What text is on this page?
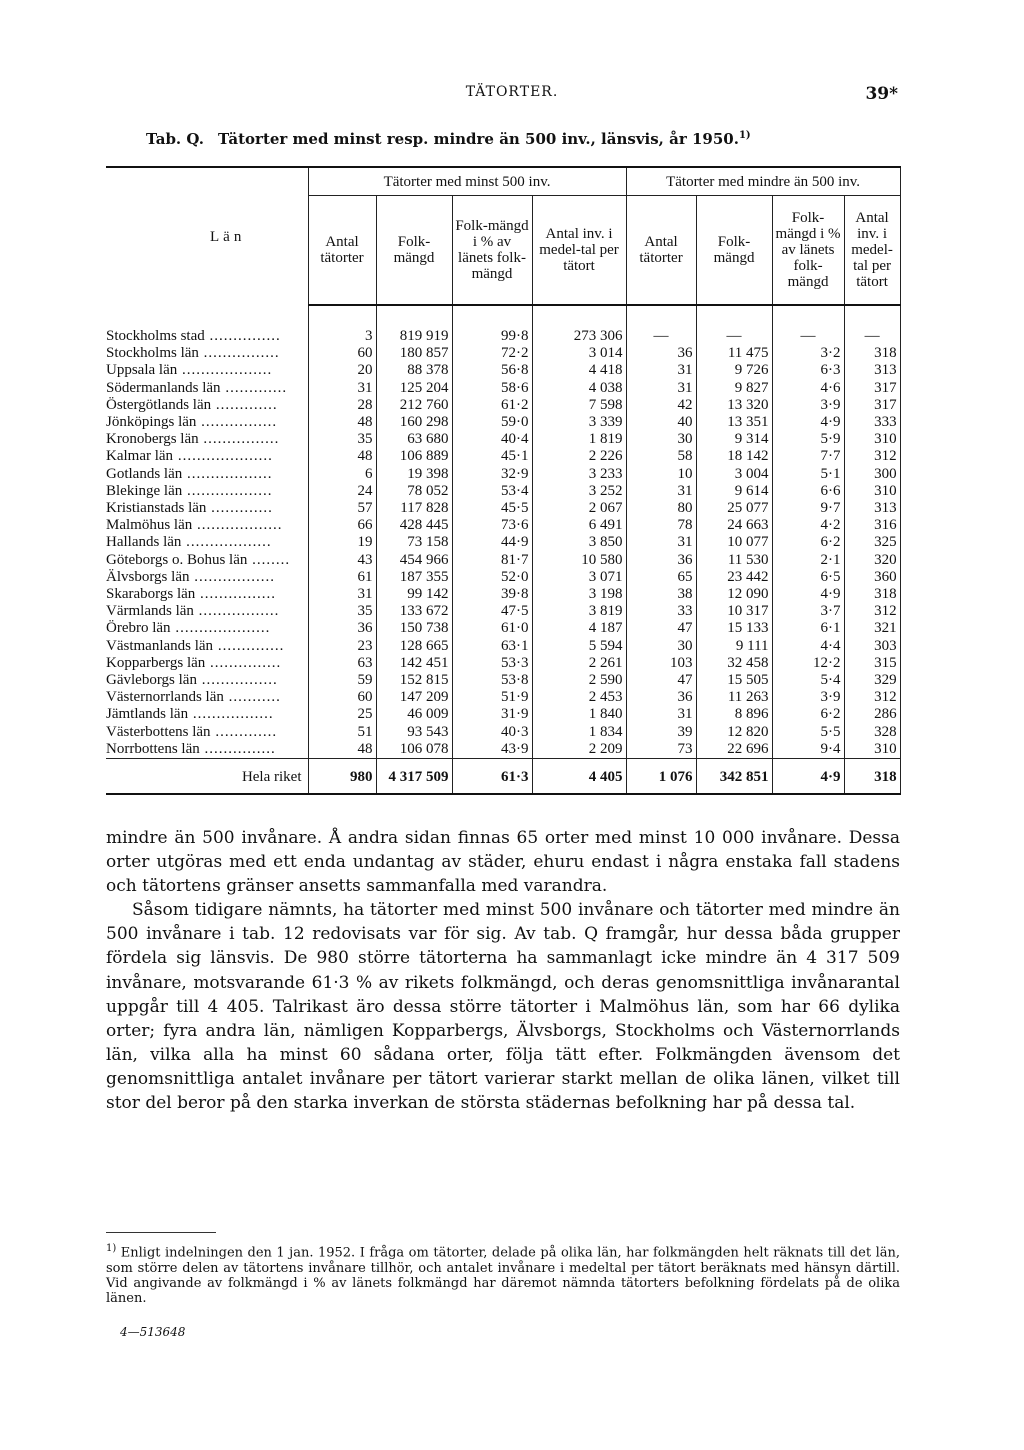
TÄTORTER.	39*
Tab. Q. Tätorter med minst resp. mindre än 500 inv., länsvis, år 1950.$^{1)}$
Län	Tätorter med minst 500 inv.				Tätorter med mindre än 500 inv.			
	Antal tätorter	Folk-mängd	Folk-mängd i % av länets folk-mängd	Antal inv. i medel-tal per tätort	Antal tätorter	Folk-mängd	Folk-mängd i % av länets folk-mängd	Antal inv. i medel-tal per tätort
Stockholms stad ...............	3	819 919	99·8	273 306	—	—	—	—
Stockholms län ................	60	180 857	72·2	3 014	36	11 475	3·2	318
Uppsala län ...................	20	88 378	56·8	4 418	31	9 726	6·3	313
Södermanlands län .............	31	125 204	58·6	4 038	31	9 827	4·6	317
Östergötlands län .............	28	212 760	61·2	7 598	42	13 320	3·9	317
Jönköpings län ................	48	160 298	59·0	3 339	40	13 351	4·9	333
Kronobergs län ................	35	63 680	40·4	1 819	30	9 314	5·9	310
Kalmar län ....................	48	106 889	45·1	2 226	58	18 142	7·7	312
Gotlands län ..................	6	19 398	32·9	3 233	10	3 004	5·1	300
Blekinge län ..................	24	78 052	53·4	3 252	31	9 614	6·6	310
Kristianstads län .............	57	117 828	45·5	2 067	80	25 077	9·7	313
Malmöhus län ..................	66	428 445	73·6	6 491	78	24 663	4·2	316
Hallands län ..................	19	73 158	44·9	3 850	31	10 077	6·2	325
Göteborgs o. Bohus län ........	43	454 966	81·7	10 580	36	11 530	2·1	320
Älvsborgs län .................	61	187 355	52·0	3 071	65	23 442	6·5	360
Skaraborgs län ................	31	99 142	39·8	3 198	38	12 090	4·9	318
Värmlands län .................	35	133 672	47·5	3 819	33	10 317	3·7	312
Örebro län ....................	36	150 738	61·0	4 187	47	15 133	6·1	321
Västmanlands län ..............	23	128 665	63·1	5 594	30	9 111	4·4	303
Kopparbergs län ...............	63	142 451	53·3	2 261	103	32 458	12·2	315
Gävleborgs län ................	59	152 815	53·8	2 590	47	15 505	5·4	329
Västernorrlands län ...........	60	147 209	51·9	2 453	36	11 263	3·9	312
Jämtlands län .................	25	46 009	31·9	1 840	31	8 896	6·2	286
Västerbottens län .............	51	93 543	40·3	1 834	39	12 820	5·5	328
Norrbottens län ...............	48	106 078	43·9	2 209	73	22 696	9·4	310
Hela riket	980	4 317 509	61·3	4 405	1 076	342 851	4·9	318

mindre än 500 invånare. Å andra sidan finnas 65 orter med minst 10 000 invånare. Dessa orter utgöras med ett enda undantag av städer, ehuru endast i några enstaka fall stadens och tätortens gränser ansetts sammanfalla med varandra.

Såsom tidigare nämnts, ha tätorter med minst 500 invånare och tätorter med mindre än 500 invånare i tab. 12 redovisats var för sig. Av tab. Q framgår, hur dessa båda grupper fördela sig länsvis. De 980 större tätorterna ha sammanlagt icke mindre än 4 317 509 invånare, motsvarande 61·3 % av rikets folkmängd, och deras genomsnittliga invånarantal uppgår till 4 405. Talrikast äro dessa större tätorter i Malmöhus län, som har 66 dylika orter; fyra andra län, nämligen Kopparbergs, Älvsborgs, Stockholms och Västernorrlands län, vilka alla ha minst 60 sådana orter, följa tätt efter. Folkmängden ävensom det genomsnittliga antalet invånare per tätort varierar starkt mellan de olika länen, vilket till stor del beror på den starka inverkan de största städernas befolkning har på dessa tal.

$^{1)}$ Enligt indelningen den 1 jan. 1952. I fråga om tätorter, delade på olika län, har folkmängden helt räknats till det län, som större delen av tätortens invånare tillhör, och antalet invånare i medeltal per tätort beräknats med hänsyn därtill. Vid angivande av folkmängd i % av länets folkmängd har däremot nämnda tätorters befolkning fördelats på de olika länen.
4—513648
